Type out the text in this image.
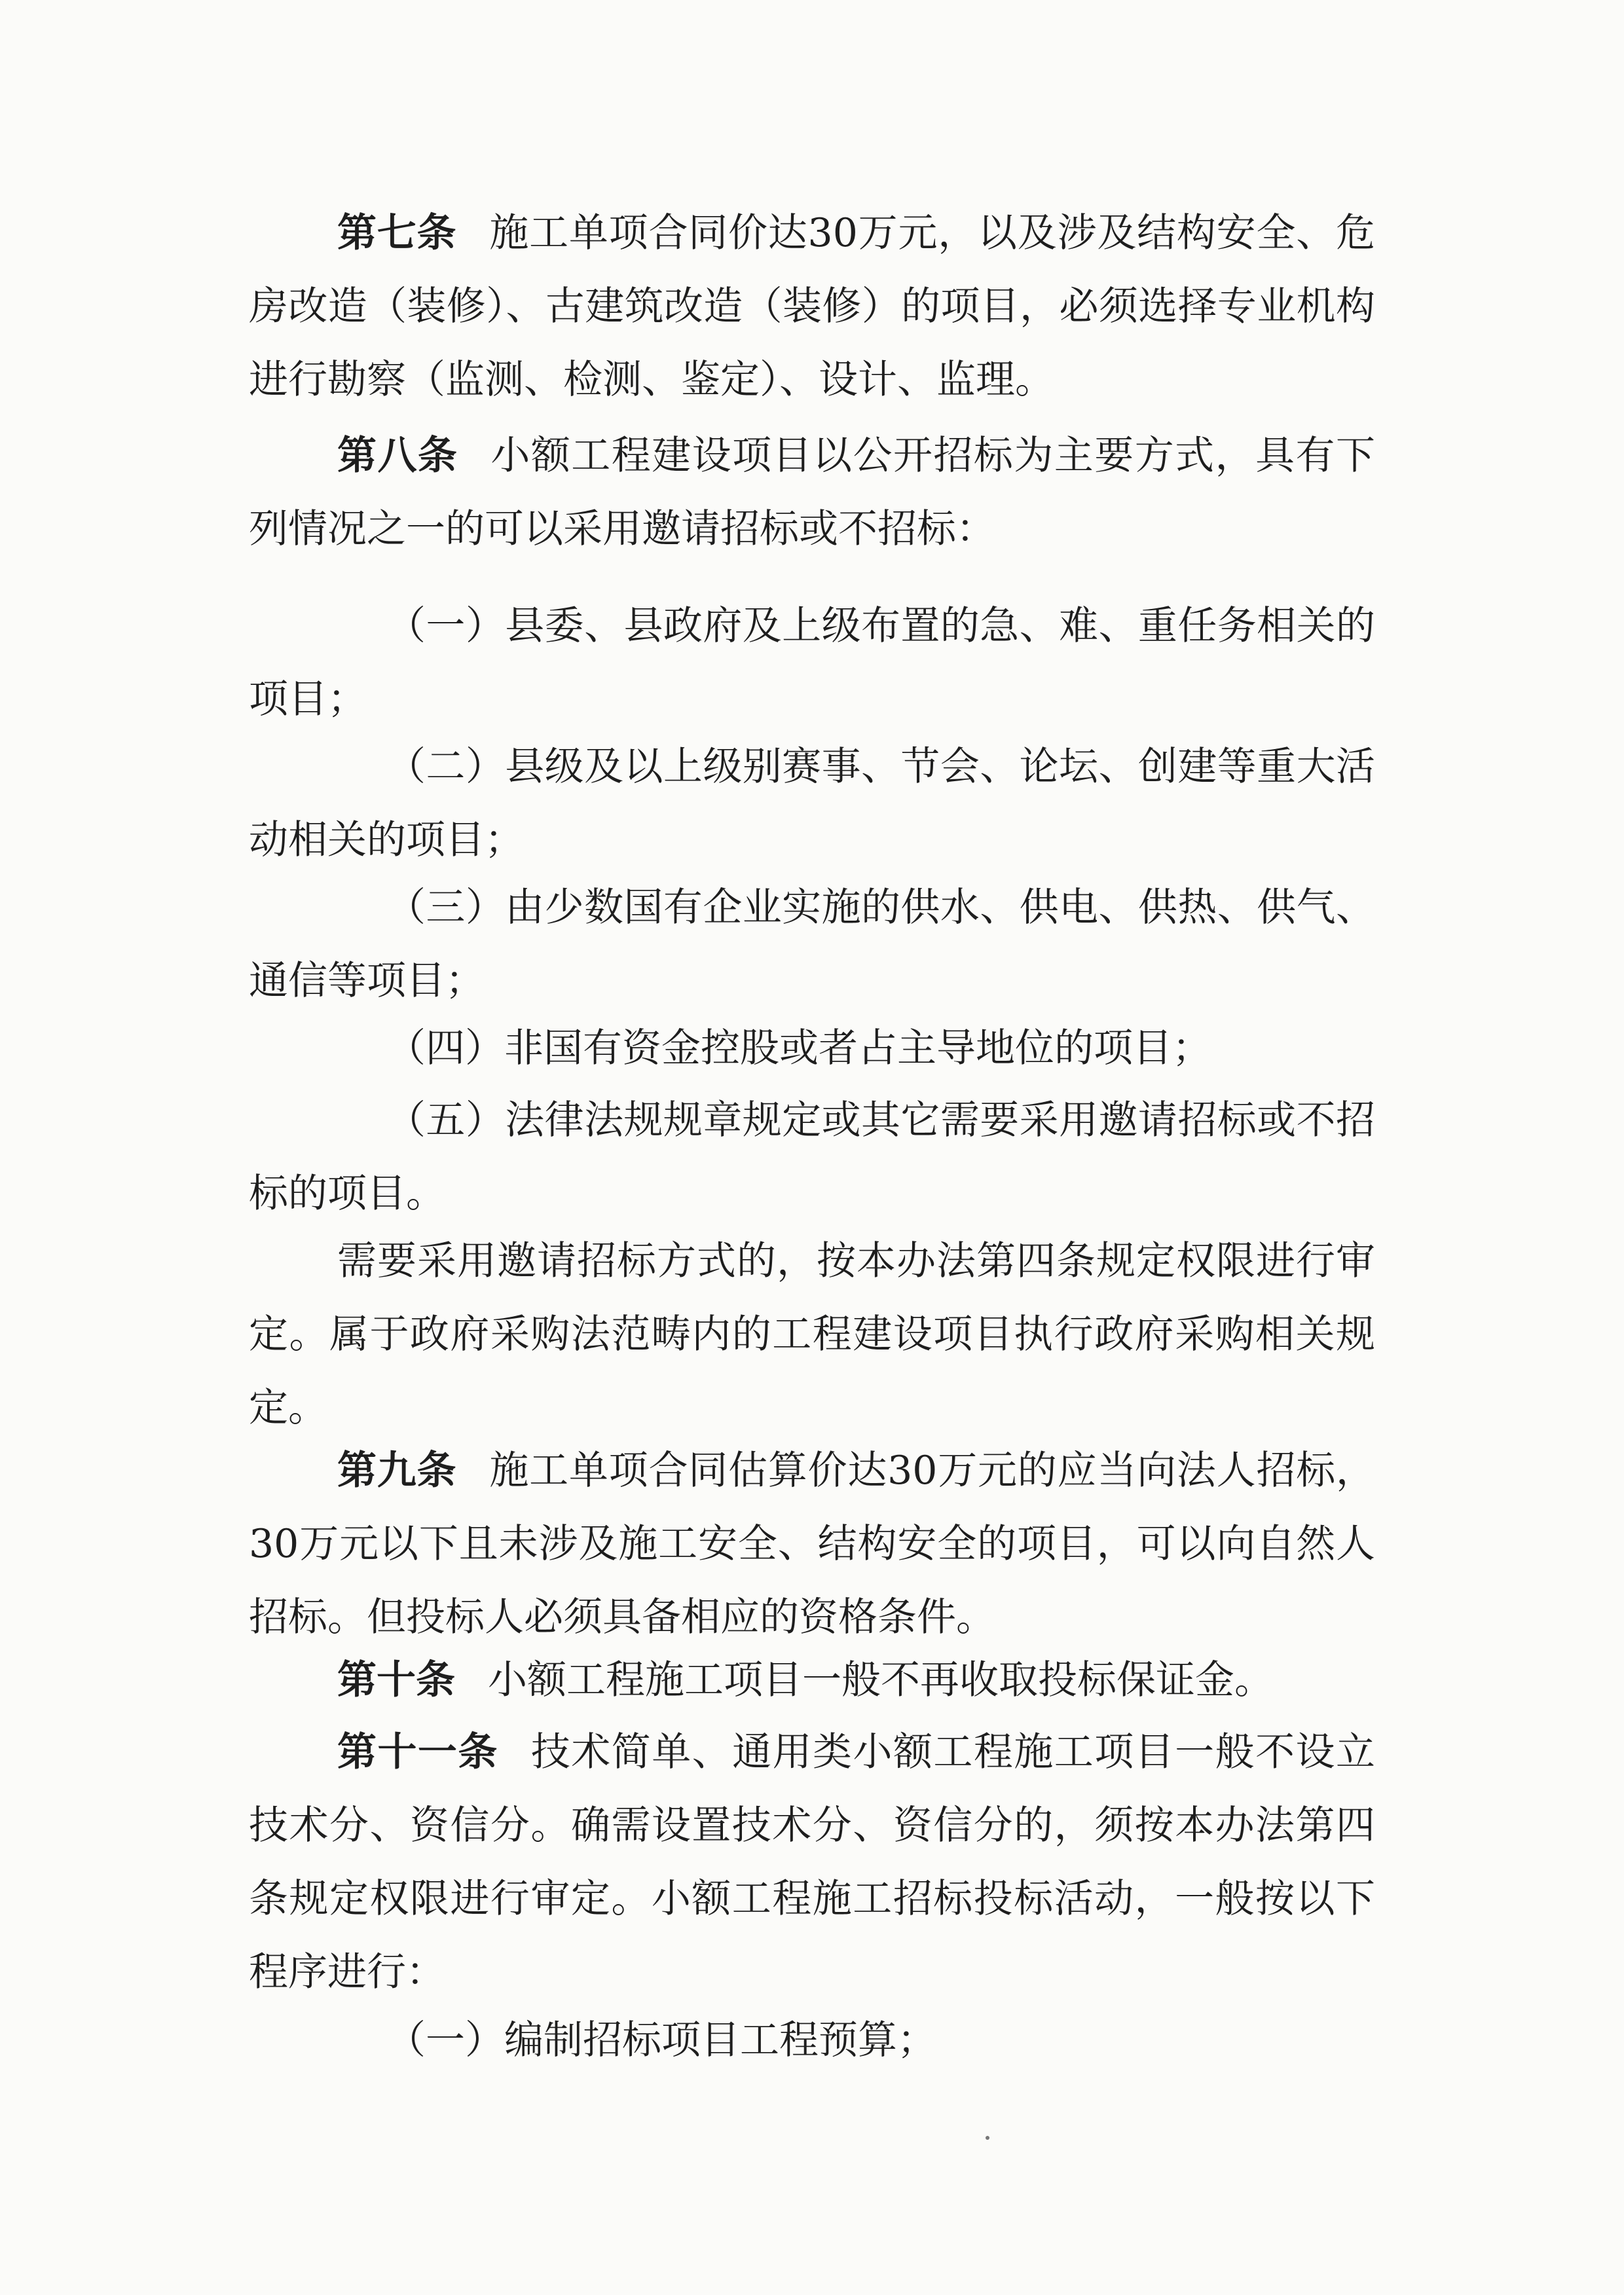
第七条 施工单项合同价达30万元，以及涉及结构安全、危房改造（装修）、古建筑改造（装修）的项目，必须选择专业机构进行勘察（监测、检测、鉴定）、设计、监理。

第八条 小额工程建设项目以公开招标为主要方式，具有下列情况之一的可以采用邀请招标或不招标：

（一）县委、县政府及上级布置的急、难、重任务相关的项目；

（二）县级及以上级别赛事、节会、论坛、创建等重大活动相关的项目；

（三）由少数国有企业实施的供水、供电、供热、供气、通信等项目；

（四）非国有资金控股或者占主导地位的项目；

（五）法律法规规章规定或其它需要采用邀请招标或不招标的项目。

需要采用邀请招标方式的，按本办法第四条规定权限进行审定。属于政府采购法范畴内的工程建设项目执行政府采购相关规定。

第九条 施工单项合同估算价达30万元的应当向法人招标，30万元以下且未涉及施工安全、结构安全的项目，可以向自然人招标。但投标人必须具备相应的资格条件。

第十条 小额工程施工项目一般不再收取投标保证金。

第十一条 技术简单、通用类小额工程施工项目一般不设立技术分、资信分。确需设置技术分、资信分的，须按本办法第四条规定权限进行审定。小额工程施工招标投标活动，一般按以下程序进行：

（一）编制招标项目工程预算；
